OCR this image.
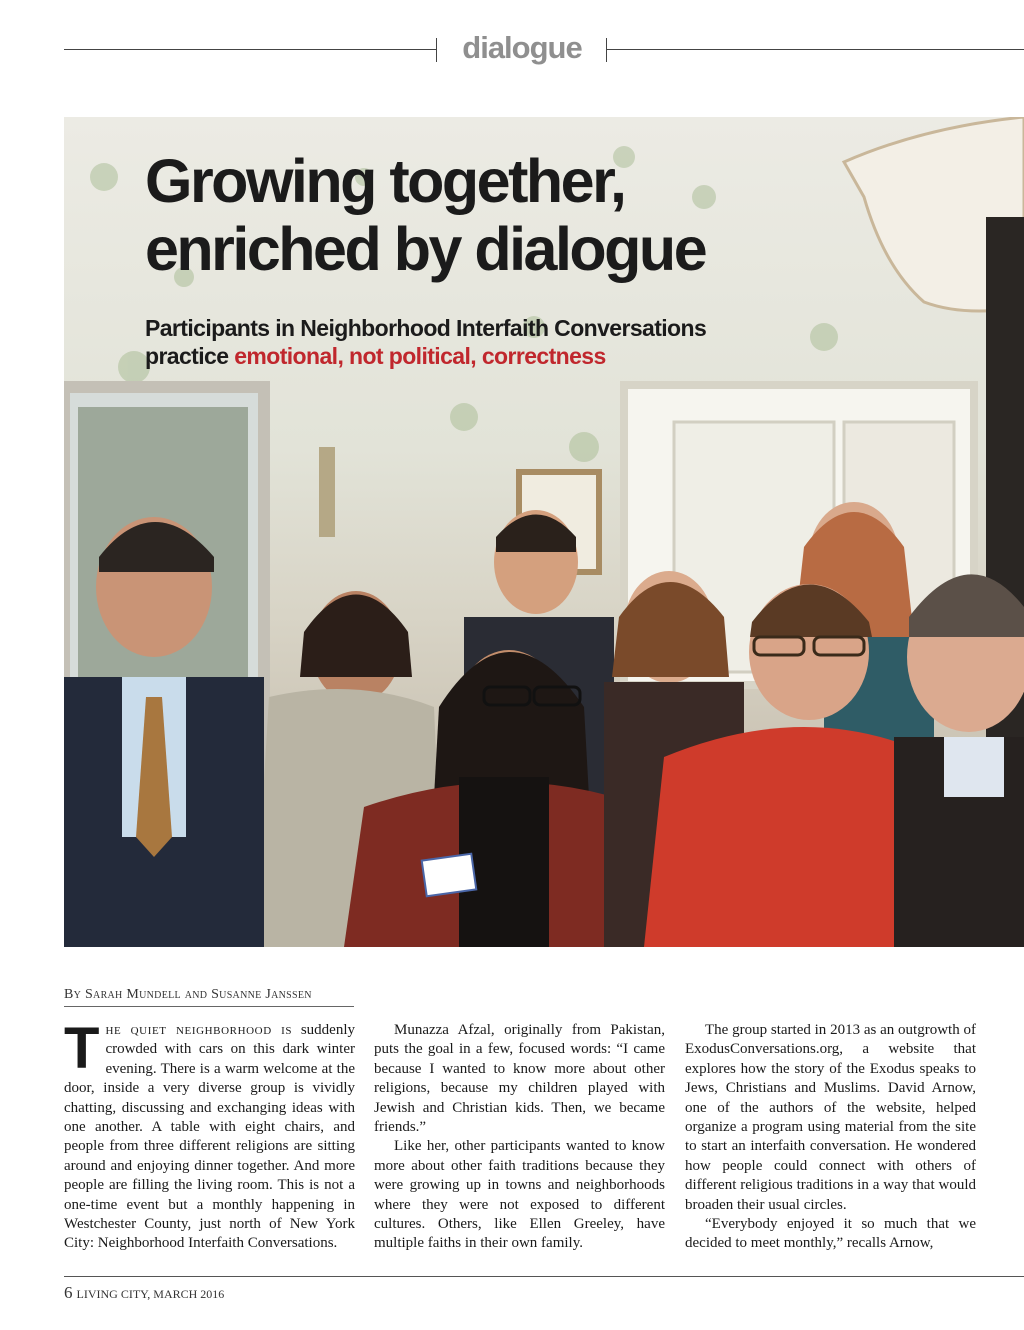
dialogue
Growing together,
enriched by dialogue
Participants in Neighborhood Interfaith Conversations
practice emotional, not political, correctness
By Sarah Mundell and Susanne Janssen

The quiet neighborhood is suddenly crowded with cars on this dark winter evening. There is a warm welcome at the door, inside a very diverse group is vividly chatting, discussing and exchanging ideas with one another. A table with eight chairs, and people from three different religions are sitting around and enjoying dinner together. And more people are filling the living room. This is not a one-time event but a monthly happening in Westchester County, just north of New York City: Neighborhood Interfaith Conversations.

Munazza Afzal, originally from Pakistan, puts the goal in a few, focused words: “I came because I wanted to know more about other religions, because my children played with Jewish and Christian kids. Then, we became friends.”

Like her, other participants wanted to know more about other faith traditions because they were growing up in towns and neighborhoods where they were not exposed to different cultures. Others, like Ellen Greeley, have multiple faiths in their own family.

The group started in 2013 as an outgrowth of ExodusConversations.org, a website that explores how the story of the Exodus speaks to Jews, Christians and Muslims. David Arnow, one of the authors of the website, helped organize a program using material from the site to start an interfaith conversation. He wondered how people could connect with others of different religious traditions in a way that would broaden their usual circles.

“Everybody enjoyed it so much that we decided to meet monthly,” recalls Arnow,

6 LIVING CITY, MARCH 2016
